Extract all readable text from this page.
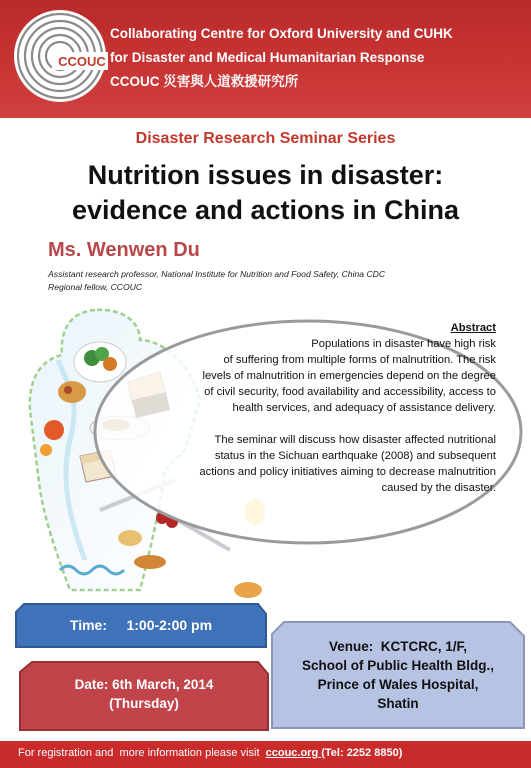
CCOUC
Collaborating Centre for Oxford University and CUHK
for Disaster and Medical Humanitarian Response
CCOUC 災害與人道救援研究所
Disaster Research Seminar Series
Nutrition issues in disaster:
evidence and actions in China
Ms. Wenwen Du
Assistant research professor, National Institute for Nutrition and Food Safety, China CDC
Regional fellow, CCOUC

Abstract

Populations in disaster have high risk

of suffering from multiple forms of malnutrition. The risk

levels of malnutrition in emergencies depend on the degree

of civil security, food availability and accessibility, access to

health services, and adequacy of assistance delivery.

The seminar will discuss how disaster affected nutritional

status in the Sichuan earthquake (2008) and subsequent

actions and policy initiatives aiming to decrease malnutrition

caused by the disaster.

Time:     1:00-2:00 pm
Date: 6th March, 2014
(Thursday)
Venue:  KCTCRC, 1/F,
School of Public Health Bldg.,
Prince of Wales Hospital,
Shatin
For registration and  more information please visit  ccouc.org (Tel: 2252 8850)
